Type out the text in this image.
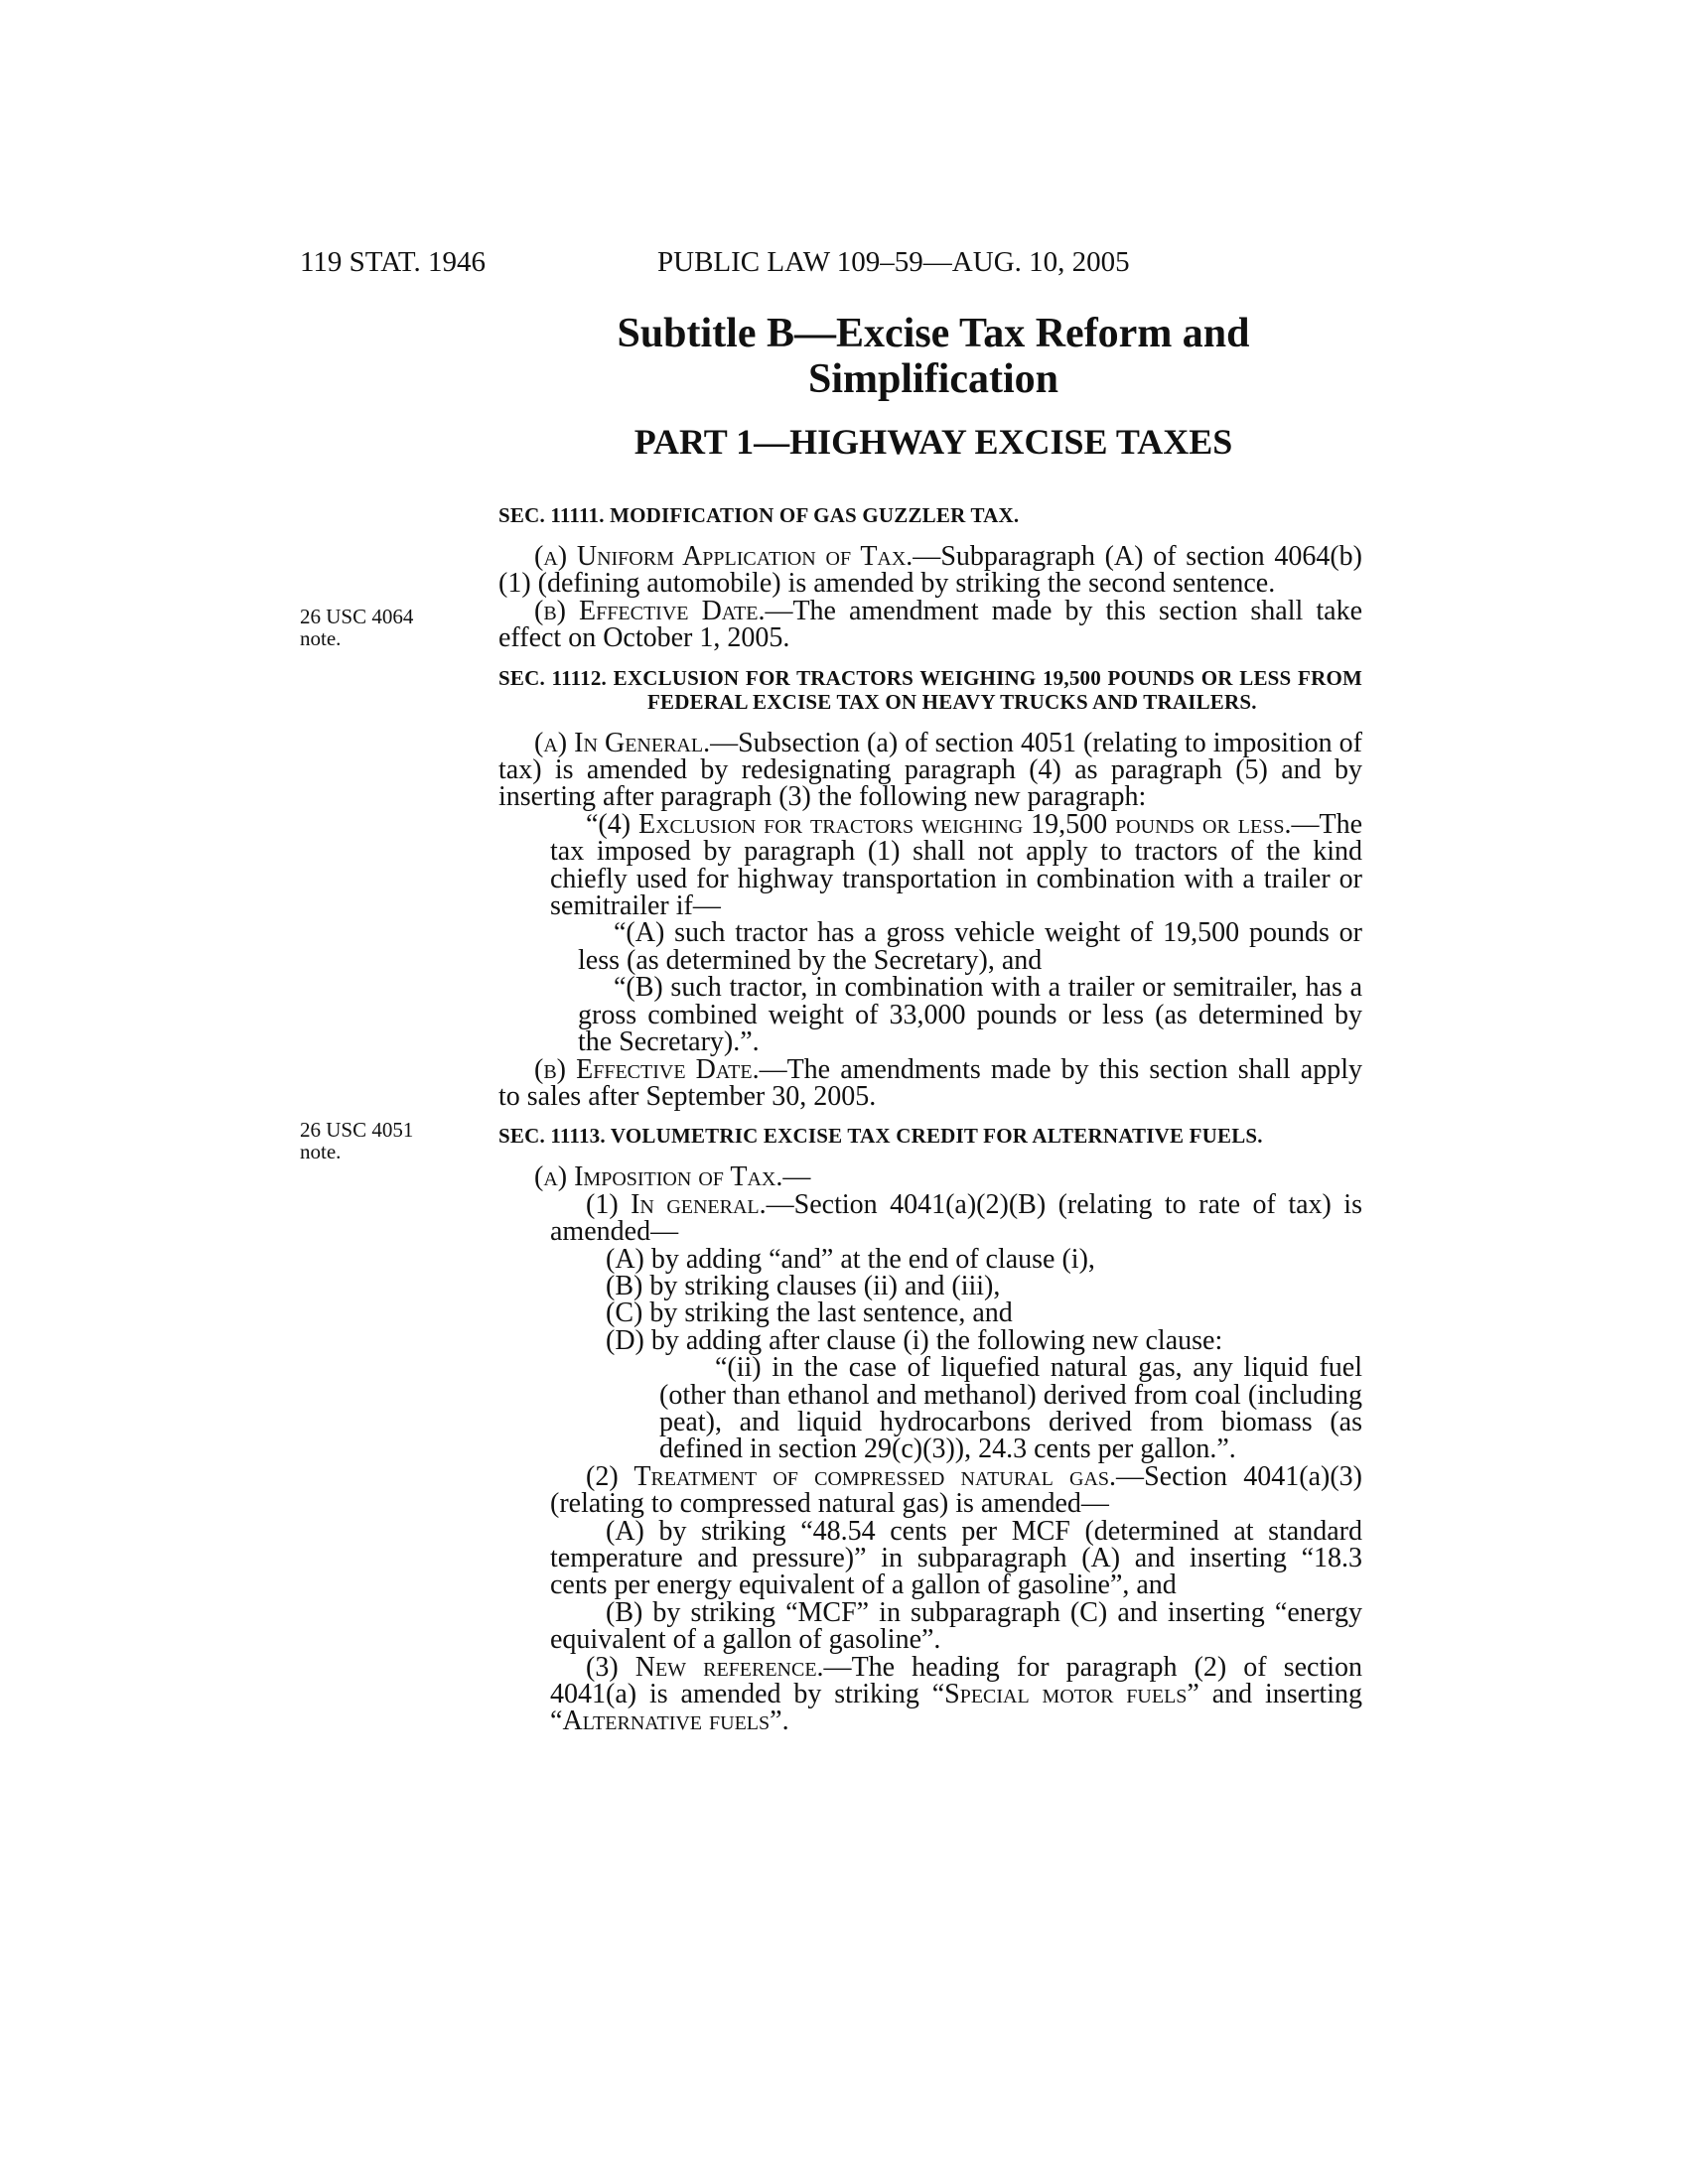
119 STAT. 1946	PUBLIC LAW 109–59—AUG. 10, 2005
Subtitle B—Excise Tax Reform and
Simplification
PART 1—HIGHWAY EXCISE TAXES
26 USC 4064
note.
26 USC 4051
note.
SEC. 11111. MODIFICATION OF GAS GUZZLER TAX.

(a) Uniform Application of Tax.—Subparagraph (A) of section 4064(b)(1) (defining automobile) is amended by striking the second sentence.

(b) Effective Date.—The amendment made by this section shall take effect on October 1, 2005.

SEC. 11112. EXCLUSION FOR TRACTORS WEIGHING 19,500 POUNDS OR LESS FROM FEDERAL EXCISE TAX ON HEAVY TRUCKS AND TRAILERS.

(a) In General.—Subsection (a) of section 4051 (relating to imposition of tax) is amended by redesignating paragraph (4) as paragraph (5) and by inserting after paragraph (3) the following new paragraph:

“(4) Exclusion for tractors weighing 19,500 pounds or less.—The tax imposed by paragraph (1) shall not apply to tractors of the kind chiefly used for highway transportation in combination with a trailer or semitrailer if—

“(A) such tractor has a gross vehicle weight of 19,500 pounds or less (as determined by the Secretary), and

“(B) such tractor, in combination with a trailer or semitrailer, has a gross combined weight of 33,000 pounds or less (as determined by the Secretary).”.

(b) Effective Date.—The amendments made by this section shall apply to sales after September 30, 2005.

SEC. 11113. VOLUMETRIC EXCISE TAX CREDIT FOR ALTERNATIVE FUELS.

(a) Imposition of Tax.—

(1) In general.—Section 4041(a)(2)(B) (relating to rate of tax) is amended—

(A) by adding “and” at the end of clause (i),

(B) by striking clauses (ii) and (iii),

(C) by striking the last sentence, and

(D) by adding after clause (i) the following new clause:

“(ii) in the case of liquefied natural gas, any liquid fuel (other than ethanol and methanol) derived from coal (including peat), and liquid hydrocarbons derived from biomass (as defined in section 29(c)(3)), 24.3 cents per gallon.”.

(2) Treatment of compressed natural gas.—Section 4041(a)(3) (relating to compressed natural gas) is amended—

(A) by striking “48.54 cents per MCF (determined at standard temperature and pressure)” in subparagraph (A) and inserting “18.3 cents per energy equivalent of a gallon of gasoline”, and

(B) by striking “MCF” in subparagraph (C) and inserting “energy equivalent of a gallon of gasoline”.

(3) New reference.—The heading for paragraph (2) of section 4041(a) is amended by striking “Special motor fuels” and inserting “Alternative fuels”.
